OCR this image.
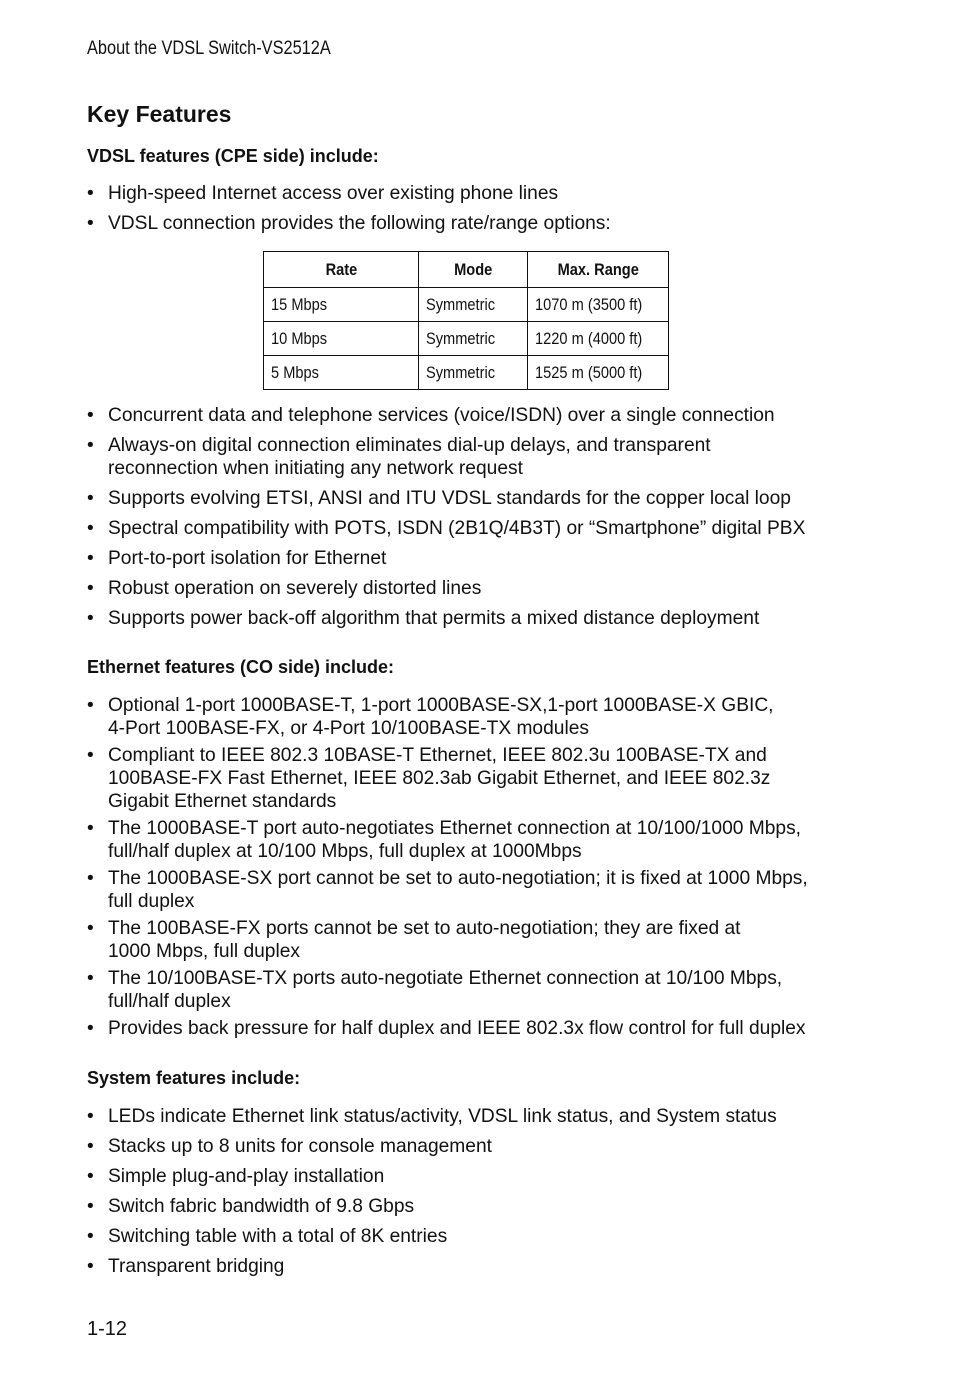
About the VDSL Switch-VS2512A
Key Features
VDSL features (CPE side) include:
• High-speed Internet access over existing phone lines
• VDSL connection provides the following rate/range options:
Rate	Mode	Max. Range
15 Mbps	Symmetric	1070 m (3500 ft)
10 Mbps	Symmetric	1220 m (4000 ft)
5 Mbps	Symmetric	1525 m (5000 ft)
• Concurrent data and telephone services (voice/ISDN) over a single connection
• Always-on digital connection eliminates dial-up delays, and transparent
reconnection when initiating any network request
• Supports evolving ETSI, ANSI and ITU VDSL standards for the copper local loop
• Spectral compatibility with POTS, ISDN (2B1Q/4B3T) or “Smartphone” digital PBX
• Port-to-port isolation for Ethernet
• Robust operation on severely distorted lines
• Supports power back-off algorithm that permits a mixed distance deployment
Ethernet features (CO side) include:
• Optional 1-port 1000BASE-T, 1-port 1000BASE-SX,1-port 1000BASE-X GBIC,
4-Port 100BASE-FX, or 4-Port 10/100BASE-TX modules
• Compliant to IEEE 802.3 10BASE-T Ethernet, IEEE 802.3u 100BASE-TX and
100BASE-FX Fast Ethernet, IEEE 802.3ab Gigabit Ethernet, and IEEE 802.3z
Gigabit Ethernet standards
• The 1000BASE-T port auto-negotiates Ethernet connection at 10/100/1000 Mbps,
full/half duplex at 10/100 Mbps, full duplex at 1000Mbps
• The 1000BASE-SX port cannot be set to auto-negotiation; it is fixed at 1000 Mbps,
full duplex
• The 100BASE-FX ports cannot be set to auto-negotiation; they are fixed at
1000 Mbps, full duplex
• The 10/100BASE-TX ports auto-negotiate Ethernet connection at 10/100 Mbps,
full/half duplex
• Provides back pressure for half duplex and IEEE 802.3x flow control for full duplex
System features include:
• LEDs indicate Ethernet link status/activity, VDSL link status, and System status
• Stacks up to 8 units for console management
• Simple plug-and-play installation
• Switch fabric bandwidth of 9.8 Gbps
• Switching table with a total of 8K entries
• Transparent bridging
1-12
